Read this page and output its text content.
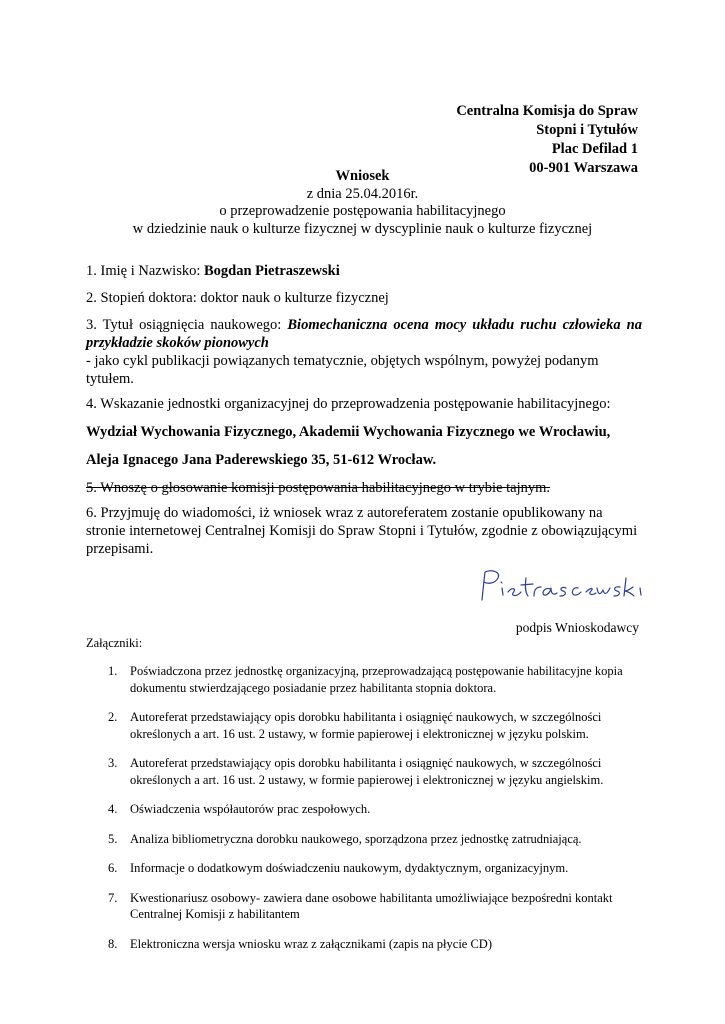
Centralna Komisja do Spraw
Stopni i Tytułów
Plac Defilad 1
00-901 Warszawa
Wniosek
z dnia 25.04.2016r.
o przeprowadzenie postępowania habilitacyjnego
w dziedzinie nauk o kulturze fizycznej w dyscyplinie nauk o kulturze fizycznej

1. Imię i Nazwisko: Bogdan Pietraszewski

2. Stopień doktora: doktor nauk o kulturze fizycznej

3. Tytuł osiągnięcia naukowego: Biomechaniczna ocena mocy układu ruchu człowieka na
przykładzie skoków pionowych
- jako cykl publikacji powiązanych tematycznie, objętych wspólnym, powyżej podanym tytułem.

4. Wskazanie jednostki organizacyjnej do przeprowadzenia postępowanie habilitacyjnego:

Wydział Wychowania Fizycznego, Akademii Wychowania Fizycznego we Wrocławiu,

Aleja Ignacego Jana Paderewskiego 35, 51-612 Wrocław.

5. Wnoszę o głosowanie komisji postępowania habilitacyjnego w trybie tajnym.

6. Przyjmuję do wiadomości, iż wniosek wraz z autoreferatem zostanie opublikowany na stronie internetowej Centralnej Komisji do Spraw Stopni i Tytułów, zgodnie z obowiązującymi przepisami.

podpis Wnioskodawcy
Załączniki:
1. Poświadczona przez jednostkę organizacyjną, przeprowadzającą postępowanie habilitacyjne kopia dokumentu stwierdzającego posiadanie przez habilitanta stopnia doktora.
2. Autoreferat przedstawiający opis dorobku habilitanta i osiągnięć naukowych, w szczególności określonych a art. 16 ust. 2 ustawy, w formie papierowej i elektronicznej w języku polskim.
3. Autoreferat przedstawiający opis dorobku habilitanta i osiągnięć naukowych, w szczególności określonych a art. 16 ust. 2 ustawy, w formie papierowej i elektronicznej w języku angielskim.
4. Oświadczenia współautorów prac zespołowych.
5. Analiza bibliometryczna dorobku naukowego, sporządzona przez jednostkę zatrudniającą.
6. Informacje o dodatkowym doświadczeniu naukowym, dydaktycznym, organizacyjnym.
7. Kwestionariusz osobowy- zawiera dane osobowe habilitanta umożliwiające bezpośredni kontakt Centralnej Komisji z habilitantem
8. Elektroniczna wersja wniosku wraz z załącznikami (zapis na płycie CD)
